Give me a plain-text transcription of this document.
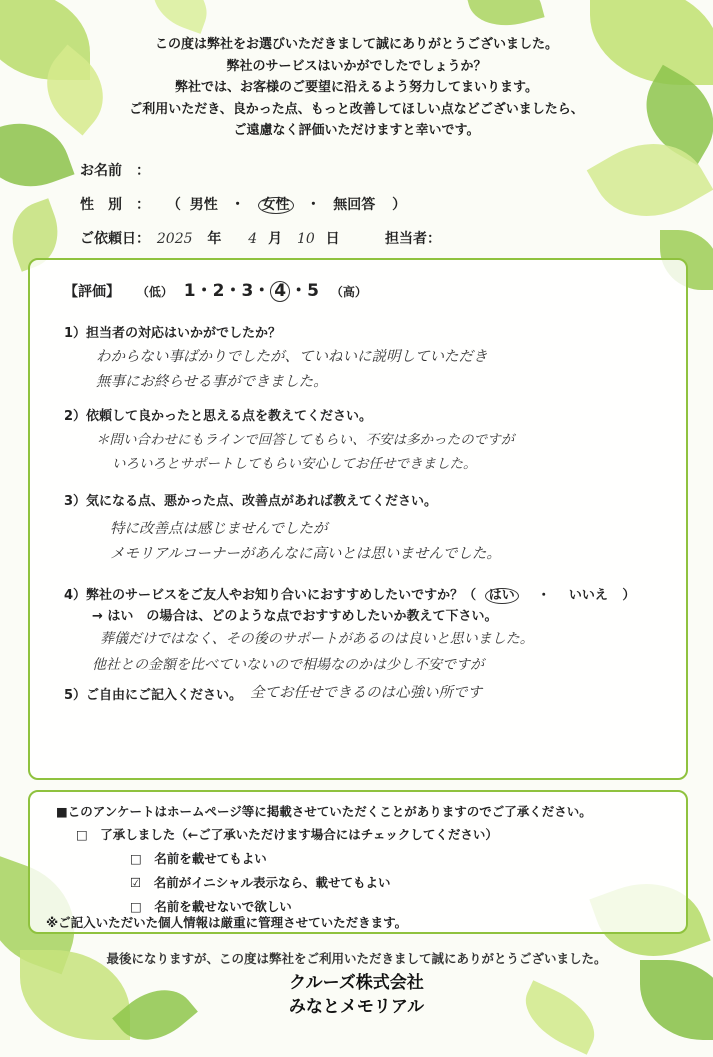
この度は弊社をお選びいただきまして誠にありがとうございました。
弊社のサービスはいかがでしたでしょうか？
弊社では、お客様のご要望に沿えるよう努力してまいります。
ご利用いただき、良かった点、もっと改善してほしい点などございましたら、
ご遠慮なく評価いただけますと幸いです。
お名前　：
性　別　： （ 男性 ・ 女性 ・ 無回答 ）
ご依頼日： 2025 年 4 月 10 日	担当者：
【評価】 （低） 1・2・3・ 4 ・5 （高）
1）担当者の対応はいかがでしたか？
わからない事ばかりでしたが、ていねいに説明していただき
無事にお終らせる事ができました。
2）依頼して良かったと思える点を教えてください。
＊問い合わせにもラインで回答してもらい、不安は多かったのですが
いろいろとサポートしてもらい安心してお任せできました。
3）気になる点、悪かった点、改善点があれば教えてください。
特に改善点は感じませんでしたが
メモリアルコーナーがあんなに高いとは思いませんでした。
4）弊社のサービスをご友人やお知り合いにおすすめしたいですか？（ はい ・ いいえ ）
→ はい　の場合は、どのような点でおすすめしたいか教えて下さい。
葬儀だけではなく、その後のサポートがあるのは良いと思いました。
他社との金額を比べていないので相場なのかは少し不安ですが
5）ご自由にご記入ください。 全てお任せできるのは心強い所です
■このアンケートはホームページ等に掲載させていただくことがありますのでご了承ください。
□　了承しました（←ご了承いただけます場合にはチェックしてください）
□　名前を載せてもよい
☑　名前がイニシャル表示なら、載せてもよい
□　名前を載せないで欲しい
※ご記入いただいた個人情報は厳重に管理させていただきます。
最後になりますが、この度は弊社をご利用いただきまして誠にありがとうございました。
クルーズ株式会社
みなとメモリアル
